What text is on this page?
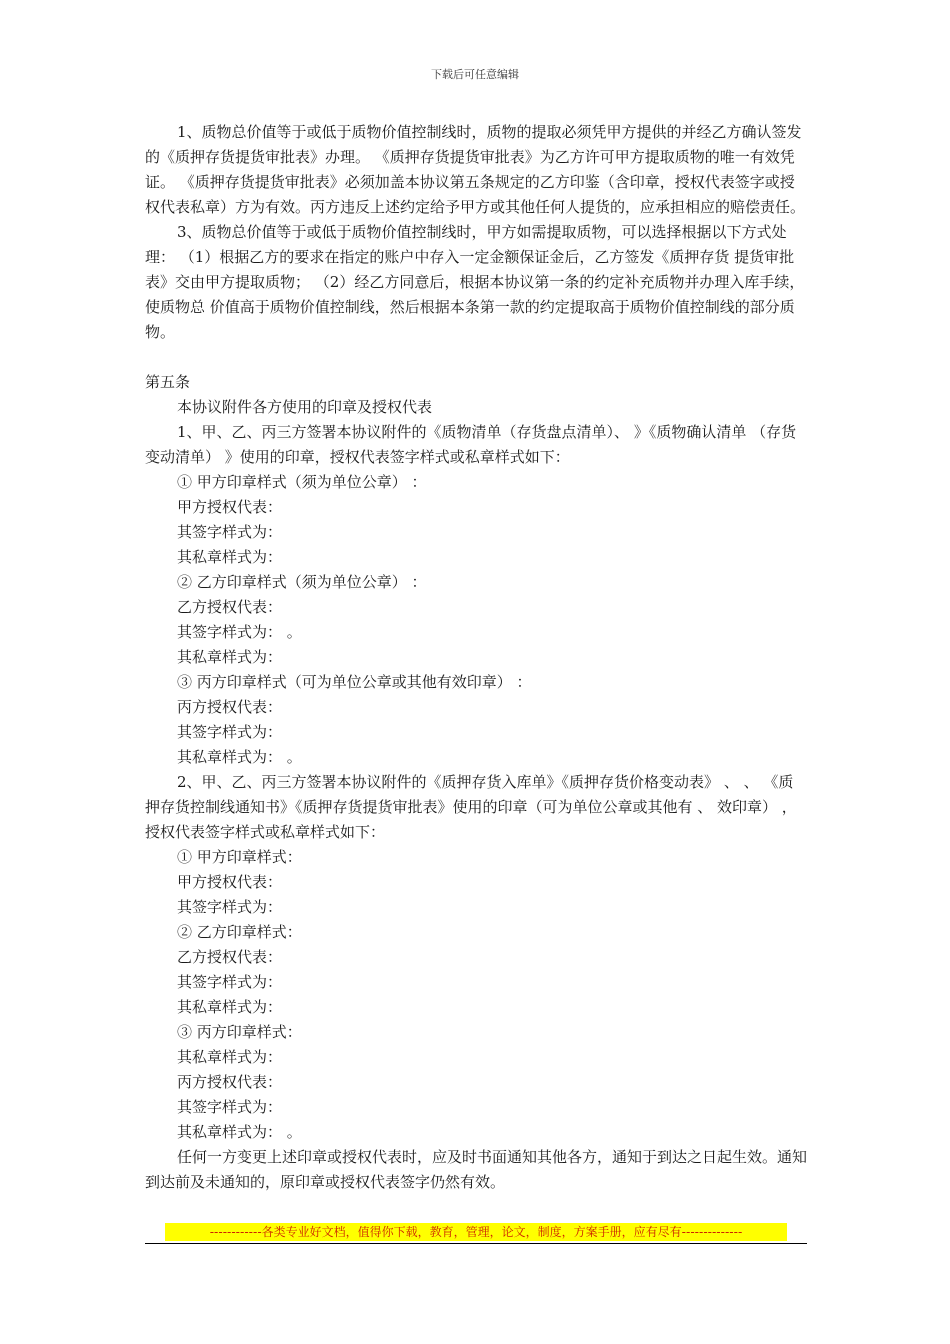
下载后可任意编辑

1、质物总价值等于或低于质物价值控制线时，质物的提取必须凭甲方提供的并经乙方确认签发的《质押存货提货审批表》办理。 《质押存货提货审批表》为乙方许可甲方提取质物的唯一有效凭证。 《质押存货提货审批表》必须加盖本协议第五条规定的乙方印鉴（含印章，授权代表签字或授权代表私章）方为有效。丙方违反上述约定给予甲方或其他任何人提货的，应承担相应的赔偿责任。

3、质物总价值等于或低于质物价值控制线时，甲方如需提取质物，可以选择根据以下方式处理： （1）根据乙方的要求在指定的账户中存入一定金额保证金后，乙方签发《质押存货 提货审批表》交由甲方提取质物； （2）经乙方同意后，根据本协议第一条的约定补充质物并办理入库手续，使质物总 价值高于质物价值控制线，然后根据本条第一款的约定提取高于质物价值控制线的部分质物。

第五条

本协议附件各方使用的印章及授权代表

1、甲、乙、丙三方签署本协议附件的《质物清单（存货盘点清单）、 》《质物确认清单 （存货变动清单） 》使用的印章，授权代表签字样式或私章样式如下：

① 甲方印章样式（须为单位公章） ：

甲方授权代表：

其签字样式为：

其私章样式为：

② 乙方印章样式（须为单位公章） ：

乙方授权代表：

其签字样式为： 。

其私章样式为：

③ 丙方印章样式（可为单位公章或其他有效印章） ：

丙方授权代表：

其签字样式为：

其私章样式为： 。

2、甲、乙、丙三方签署本协议附件的《质押存货入库单》《质押存货价格变动表》 、 、 《质押存货控制线通知书》《质押存货提货审批表》使用的印章（可为单位公章或其他有 、 效印章） ，授权代表签字样式或私章样式如下：

① 甲方印章样式：

甲方授权代表：

其签字样式为：

② 乙方印章样式：

乙方授权代表：

其签字样式为：

其私章样式为：

③ 丙方印章样式：

其私章样式为：

丙方授权代表：

其签字样式为：

其私章样式为： 。

任何一方变更上述印章或授权代表时，应及时书面通知其他各方，通知于到达之日起生效。通知到达前及未通知的，原印章或授权代表签字仍然有效。

------------各类专业好文档，值得你下载，教育，管理，论文，制度，方案手册，应有尽有--------------
